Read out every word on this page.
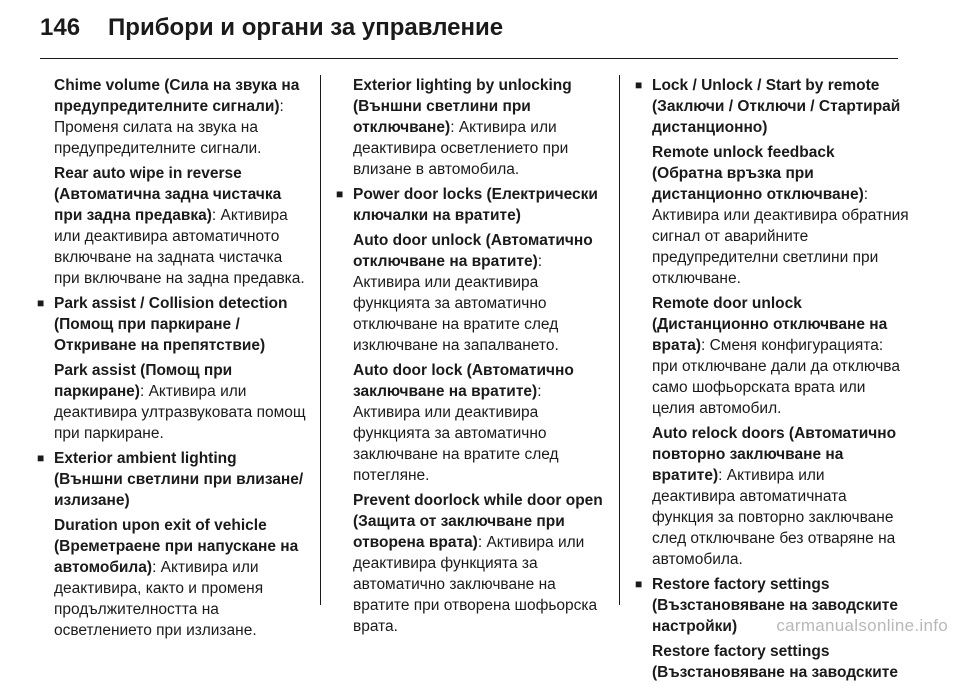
146 Прибори и органи за управление
Chime volume (Сила на звука на предупредителните сигнали): Променя силата на звука на предупредителните сигнали.
Rear auto wipe in reverse (Автоматична задна чистачка при задна предавка): Активира или деактивира автоматичното включване на задната чистачка при включване на задна предавка.
■ Park assist / Collision detection (Помощ при паркиране / Откриване на препятствие)
Park assist (Помощ при паркиране): Активира или деактивира ултразвуковата помощ при паркиране.
■ Exterior ambient lighting (Външни светлини при влизане/излизане)
Duration upon exit of vehicle (Времетраене при напускане на автомобила): Активира или деактивира, както и променя продължителността на осветлението при излизане.
Exterior lighting by unlocking (Външни светлини при отключване): Активира или деактивира осветлението при влизане в автомобила.
■ Power door locks (Електрически ключалки на вратите)
Auto door unlock (Автоматично отключване на вратите): Активира или деактивира функцията за автоматично отключване на вратите след изключване на запалването.
Auto door lock (Автоматично заключване на вратите): Активира или деактивира функцията за автоматично заключване на вратите след потегляне.
Prevent doorlock while door open (Защита от заключване при отворена врата): Активира или деактивира функцията за автоматично заключване на вратите при отворена шофьорска врата.
■ Lock / Unlock / Start by remote (Заключи / Отключи / Стартирай дистанционно)
Remote unlock feedback (Обратна връзка при дистанционно отключване): Активира или деактивира обратния сигнал от аварийните предупредителни светлини при отключване.
Remote door unlock (Дистанционно отключване на врата): Сменя конфигурацията: при отключване дали да отключва само шофьорската врата или целия автомобил.
Auto relock doors (Автоматично повторно заключване на вратите): Активира или деактивира автоматичната функция за повторно заключване след отключване без отваряне на автомобила.
■ Restore factory settings (Възстановяване на заводските настройки)
Restore factory settings (Възстановяване на заводските
carmanualsonline.info
